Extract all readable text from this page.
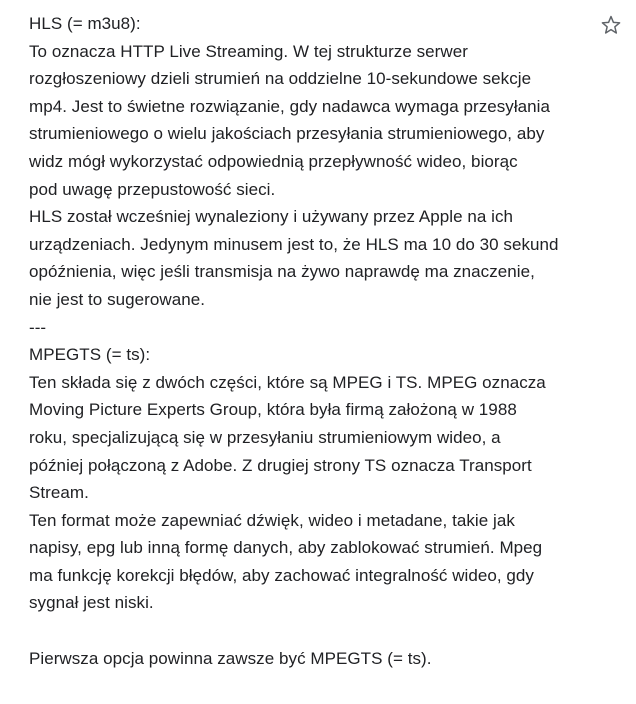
HLS (= m3u8):
To oznacza HTTP Live Streaming. W tej strukturze serwer
rozgłoszeniowy dzieli strumień na oddzielne 10-sekundowe sekcje
mp4. Jest to świetne rozwiązanie, gdy nadawca wymaga przesyłania
strumieniowego o wielu jakościach przesyłania strumieniowego, aby
widz mógł wykorzystać odpowiednią przepływność wideo, biorąc
pod uwagę przepustowość sieci.
HLS został wcześniej wynaleziony i używany przez Apple na ich
urządzeniach. Jedynym minusem jest to, że HLS ma 10 do 30 sekund
opóźnienia, więc jeśli transmisja na żywo naprawdę ma znaczenie,
nie jest to sugerowane.
---
MPEGTS (= ts):
Ten składa się z dwóch części, które są MPEG i TS. MPEG oznacza
Moving Picture Experts Group, która była firmą założoną w 1988
roku, specjalizującą się w przesyłaniu strumieniowym wideo, a
później połączoną z Adobe. Z drugiej strony TS oznacza Transport
Stream.
Ten format może zapewniać dźwięk, wideo i metadane, takie jak
napisy, epg lub inną formę danych, aby zablokować strumień. Mpeg
ma funkcję korekcji błędów, aby zachować integralność wideo, gdy
sygnał jest niski.
Pierwsza opcja powinna zawsze być MPEGTS (= ts).
